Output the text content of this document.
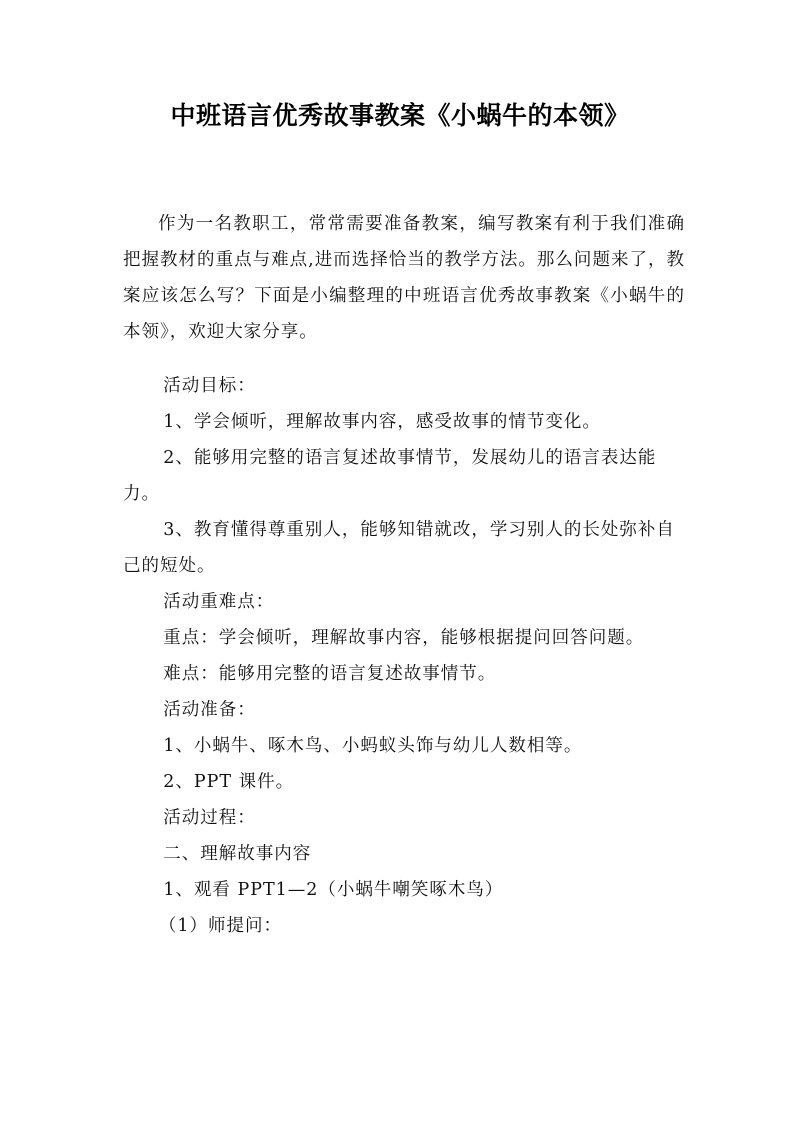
中班语言优秀故事教案《小蜗牛的本领》

作为一名教职工，常常需要准备教案，编写教案有利于我们准确把握教材的重点与难点,进而选择恰当的教学方法。那么问题来了，教案应该怎么写？下面是小编整理的中班语言优秀故事教案《小蜗牛的本领》，欢迎大家分享。

活动目标：

1、学会倾听，理解故事内容，感受故事的情节变化。

2、能够用完整的语言复述故事情节，发展幼儿的语言表达能力。

3、教育懂得尊重别人，能够知错就改，学习别人的长处弥补自己的短处。

活动重难点：

重点：学会倾听，理解故事内容，能够根据提问回答问题。

难点：能够用完整的语言复述故事情节。

活动准备：

1、小蜗牛、啄木鸟、小蚂蚁头饰与幼儿人数相等。

2、PPT 课件。

活动过程：

二、理解故事内容

1、观看 PPT1—2（小蜗牛嘲笑啄木鸟）

（1）师提问：
